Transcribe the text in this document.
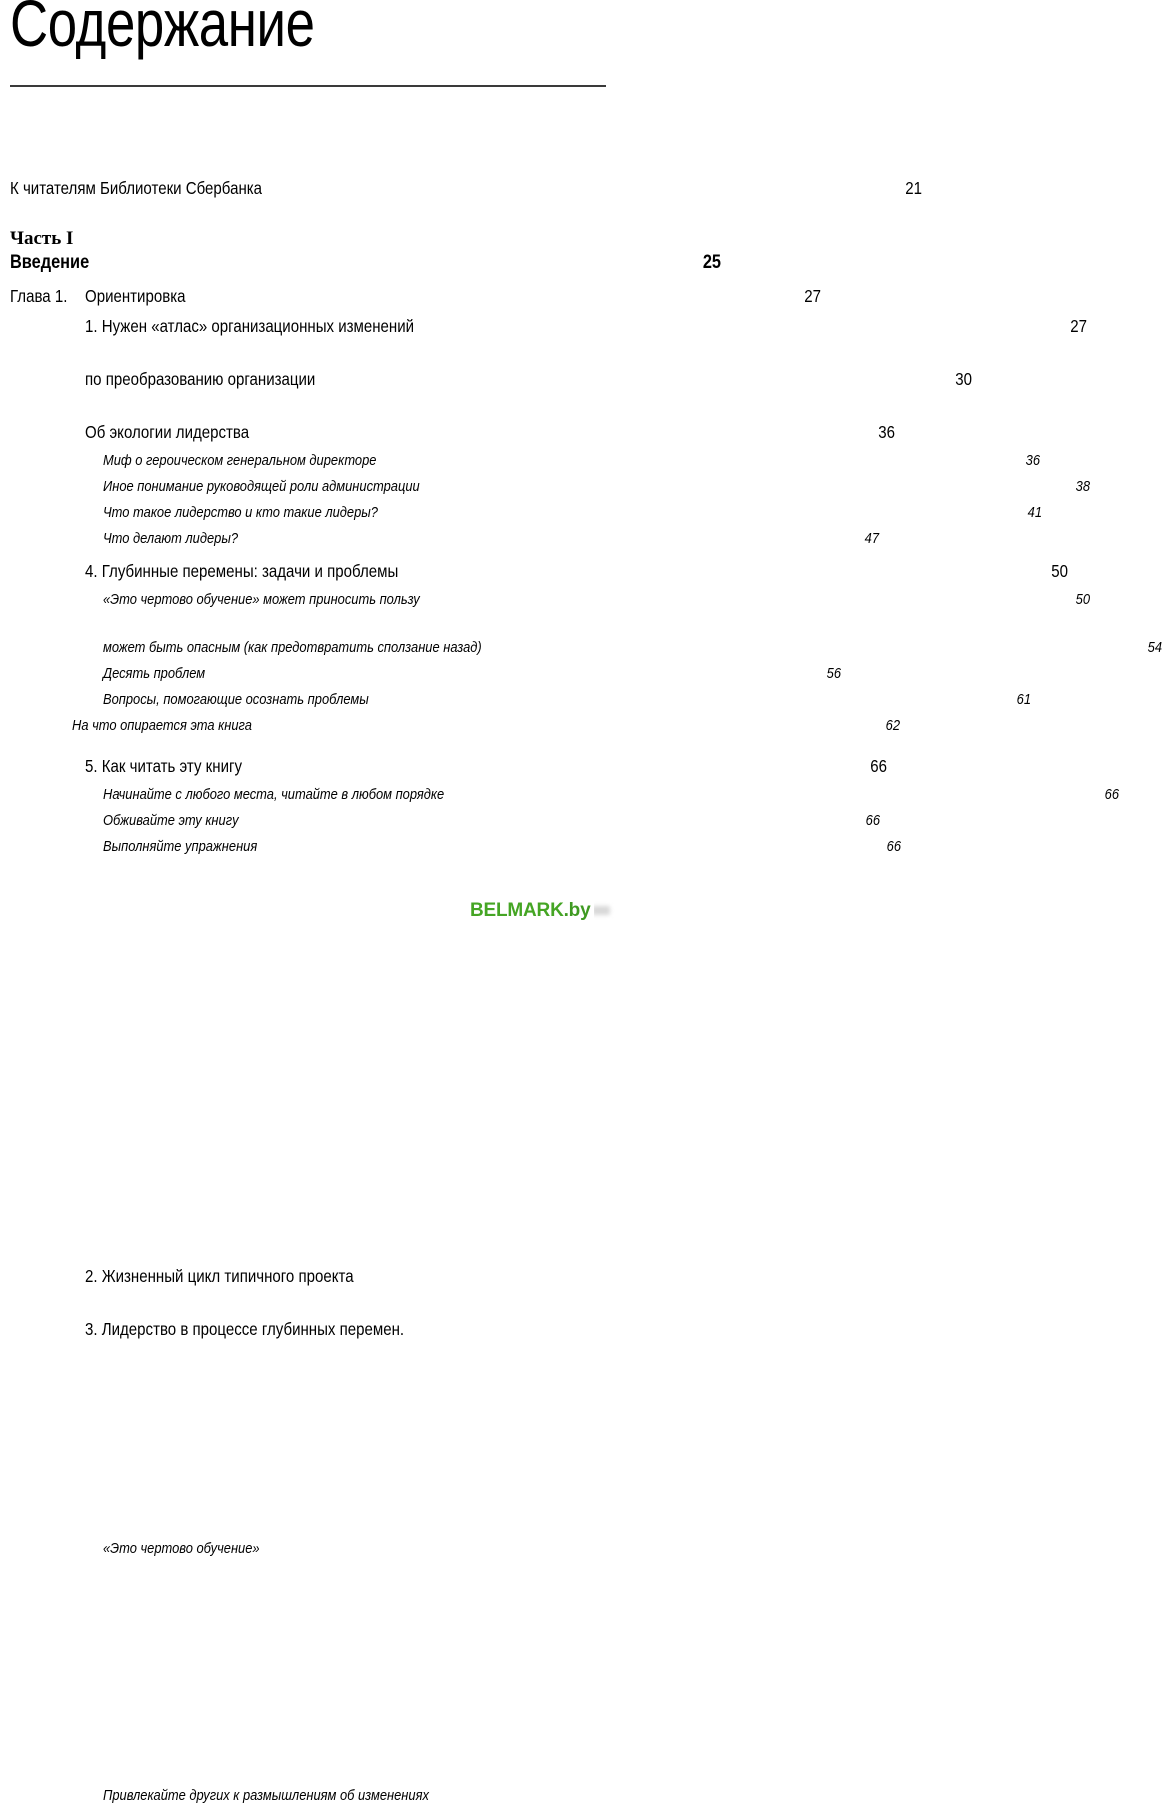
Содержание
К читателям Библиотеки Сбербанка	21
Часть I
Введение	25
Глава 1.	Ориентировка	27
1. Нужен «атлас» организационных изменений	27
2. Жизненный цикл типичного проекта
по преобразованию организации	30
3. Лидерство в процессе глубинных перемен.
Об экологии лидерства	36
Миф о героическом генеральном директоре	36
Иное понимание руководящей роли администрации	38
Что такое лидерство и кто такие лидеры?	41
Что делают лидеры?	47
4. Глубинные перемены: задачи и проблемы	50
«Это чертово обучение» может приносить пользу	50
«Это чертово обучение»
может быть опасным (как предотвратить сползание назад)	54
Десять проблем	56
Вопросы, помогающие осознать проблемы	61
На что опирается эта книга	62
5. Как читать эту книгу	66
Начинайте с любого места, читайте в любом порядке	66
Обживайте эту книгу	66
Выполняйте упражнения	66
Привлекайте других к размышлениям об изменениях
BELMARK.by
